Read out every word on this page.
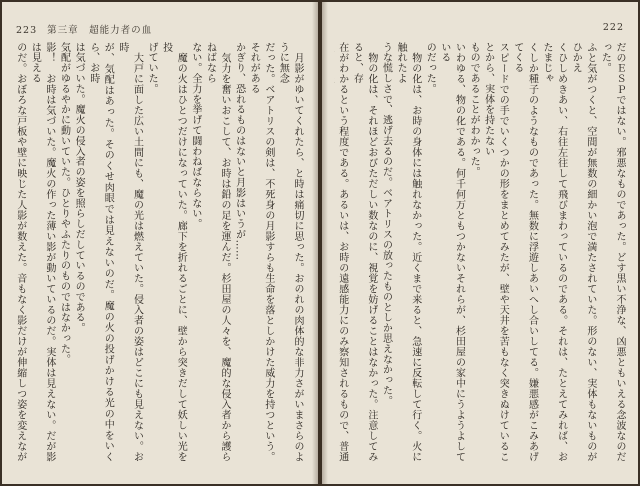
223 第三章　超能力者の血

　月影がゆいてくれたら、と時は痛切に思った。おのれの肉体的な非力さがいまさらのように無念

だった。ベアトリスの剣は、不死身の月影すらも生命を落としかけた威力を持つという。それがある

かぎり、恐れるものはないと月影はいうが……

　気力を奮いおこして、お時は鉛の足を運んだ。杉田屋の人々を、魔的な侵入者から護らねばなら

ない。全力を挙げて闘わねばならない。

　魔の火はひとつだけになっていた。廊下を折れるごとに、壁から突きだして妖しい光を投

げていた。

　大戸に面した広い土間にも、魔の光は燃えていた。侵入者の姿はどこにも見えない。お時

が、気配はあった。そのくせ肉眼では見えないのだ。魔の火の投げかける光の中をいくら、お時

は気づいた。魔火の侵入者の姿を照らしだしているのである。

気配がゆるやかに動いていた。ひとりやふたりのものではなかった。

影！　お時は気づいた。魔火の作った薄い影が動いているのだ。実体は見えない。だが影は見える

のだ。おぼろな戸板や壁に映じた人影が数えた。音もなく影だけが伸縮しつ姿を変えなが

222

だのＥＳＰではない。邪悪なものであった。どす黒い不浄な、凶悪ともいえる念波なのだった。

ふと気がつくと、空間が無数の細かい泡で満たされていた。形のない、実体もないものがひかえ

くひしめきあい、右往左往して飛びまわっているのである。それは、たとえてみれば、おたまじゃ

くしか種子のようなものであった。無数に浮遊しあいへし合いしてる。嫌悪感がこみあげてくる

スピードでの手でいくつかの形をまとめてみたが、壁や天井を苦もなく突きぬけていることから、実体を持たない

ものであることがわかった。

いわゆる、物の化である。何千何万ともつかないそれらが、杉田屋の家中にうようよしている

のだった。

　物の化は、お時の身体には触れなかった。近くまで来ると、急速に反転して行く。火に触れたよ

うな慌しさで、逃げ去るのだ。ベアトリスの放ったものとしか思えなかった。

　物の化は、それほどおびただしい数なのに、視覚を妨げることはなかった。注意してみると、存

在がわかるという程度である。あるいは、お時の遠感能力にのみ察知されるもので、普通
